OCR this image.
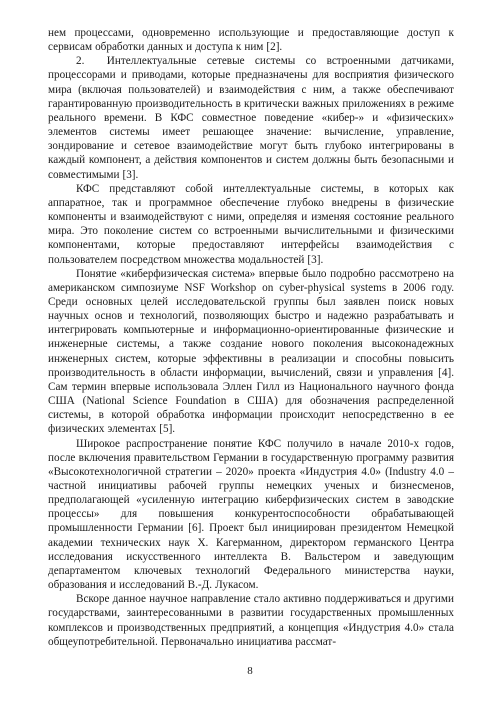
нем процессами, одновременно использующие и предоставляющие доступ к сервисам обработки данных и доступа к ним [2].

2.  Интеллектуальные сетевые системы со встроенными датчиками, процессорами и приводами, которые предназначены для восприятия физического мира (включая пользователей) и взаимодействия с ним, а также обеспечивают гарантированную производительность в критически важных приложениях в режиме реального времени. В КФС совместное поведение «кибер-» и «физических» элементов системы имеет решающее значение: вычисление, управление, зондирование и сетевое взаимодействие могут быть глубоко интегрированы в каждый компонент, а действия компонентов и систем должны быть безопасными и совместимыми [3].

КФС представляют собой интеллектуальные системы, в которых как аппаратное, так и программное обеспечение глубоко внедрены в физические компоненты и взаимодействуют с ними, определяя и изменяя состояние реального мира. Это поколение систем со встроенными вычислительными и физическими компонентами, которые предоставляют интерфейсы взаимодействия с пользователем посредством множества модальностей [3].

Понятие «киберфизическая система» впервые было подробно рассмотрено на американском симпозиуме NSF Workshop on cyber-physical systems в 2006 году. Среди основных целей исследовательской группы был заявлен поиск новых научных основ и технологий, позволяющих быстро и надежно разрабатывать и интегрировать компьютерные и информационно-ориентированные физические и инженерные системы, а также создание нового поколения высоконадежных инженерных систем, которые эффективны в реализации и способны повысить производительность в области информации, вычислений, связи и управления [4]. Сам термин впервые использовала Эллен Гилл из Национального научного фонда США (National Science Foundation в США) для обозначения распределенной системы, в которой обработка информации происходит непосредственно в ее физических элементах [5].

Широкое распространение понятие КФС получило в начале 2010-х годов, после включения правительством Германии в государственную программу развития «Высокотехнологичной стратегии – 2020» проекта «Индустрия 4.0» (Industry 4.0 – частной инициативы рабочей группы немецких ученых и бизнесменов, предполагающей «усиленную интеграцию киберфизических систем в заводские процессы» для повышения конкурентоспособности обрабатывающей промышленности Германии [6]. Проект был инициирован президентом Немецкой академии технических наук Х. Кагерманном, директором германского Центра исследования искусственного интеллекта В. Вальстером и заведующим департаментом ключевых технологий Федерального министерства науки, образования и исследований В.-Д. Лукасом.

Вскоре данное научное направление стало активно поддерживаться и другими государствами, заинтересованными в развитии государственных промышленных комплексов и производственных предприятий, а концепция «Индустрия 4.0» стала общеупотребительной. Первоначально инициатива рассмат-

8
